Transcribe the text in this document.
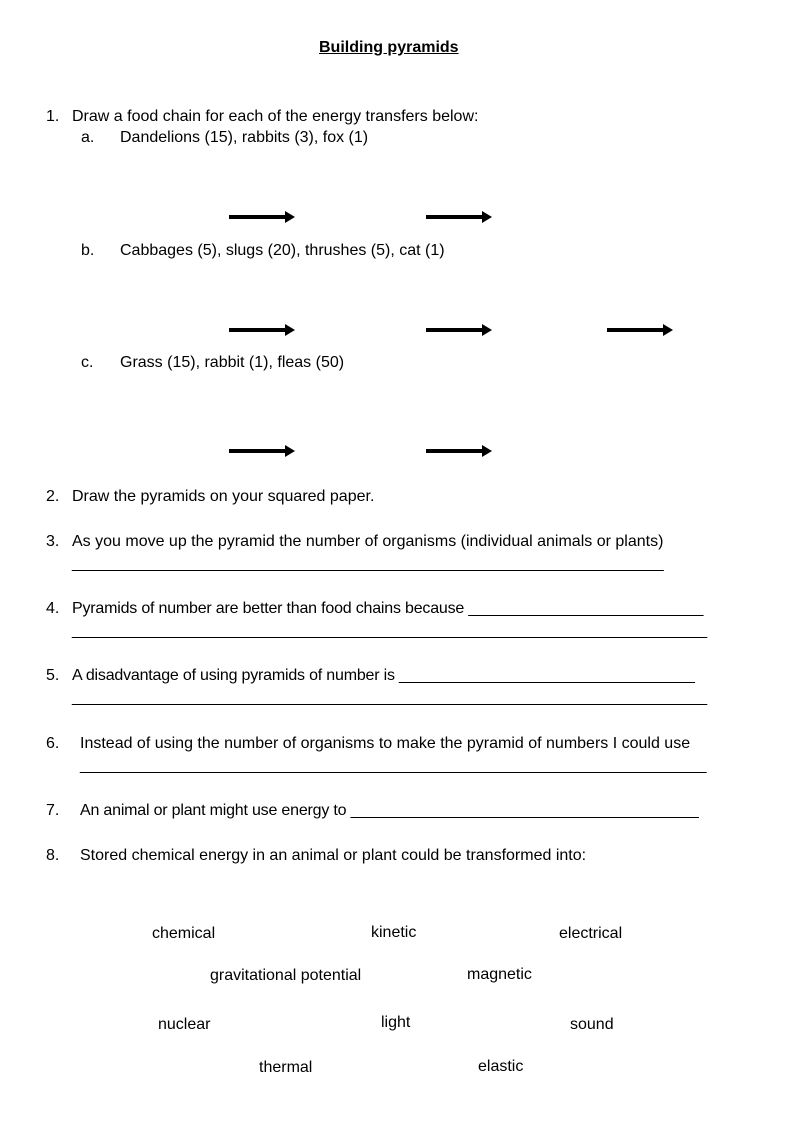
Building pyramids
1. Draw a food chain for each of the energy transfers below:
a. Dandelions (15), rabbits (3), fox (1)
b. Cabbages (5), slugs (20), thrushes (5), cat (1)
c. Grass (15), rabbit (1), fleas (50)
2. Draw the pyramids on your squared paper.
3. As you move up the pyramid the number of organisms (individual animals or plants)
____________________________________________________________________
4. Pyramids of number are better than food chains because ___________________________
_________________________________________________________________________
5. A disadvantage of using pyramids of number is __________________________________
_________________________________________________________________________
6. Instead of using the number of organisms to make the pyramid of numbers I could use
________________________________________________________________________
7. An animal or plant might use energy to ________________________________________
8. Stored chemical energy in an animal or plant could be transformed into:
chemical	kinetic	electrical
gravitational potential	magnetic
nuclear	light	sound
thermal	elastic
